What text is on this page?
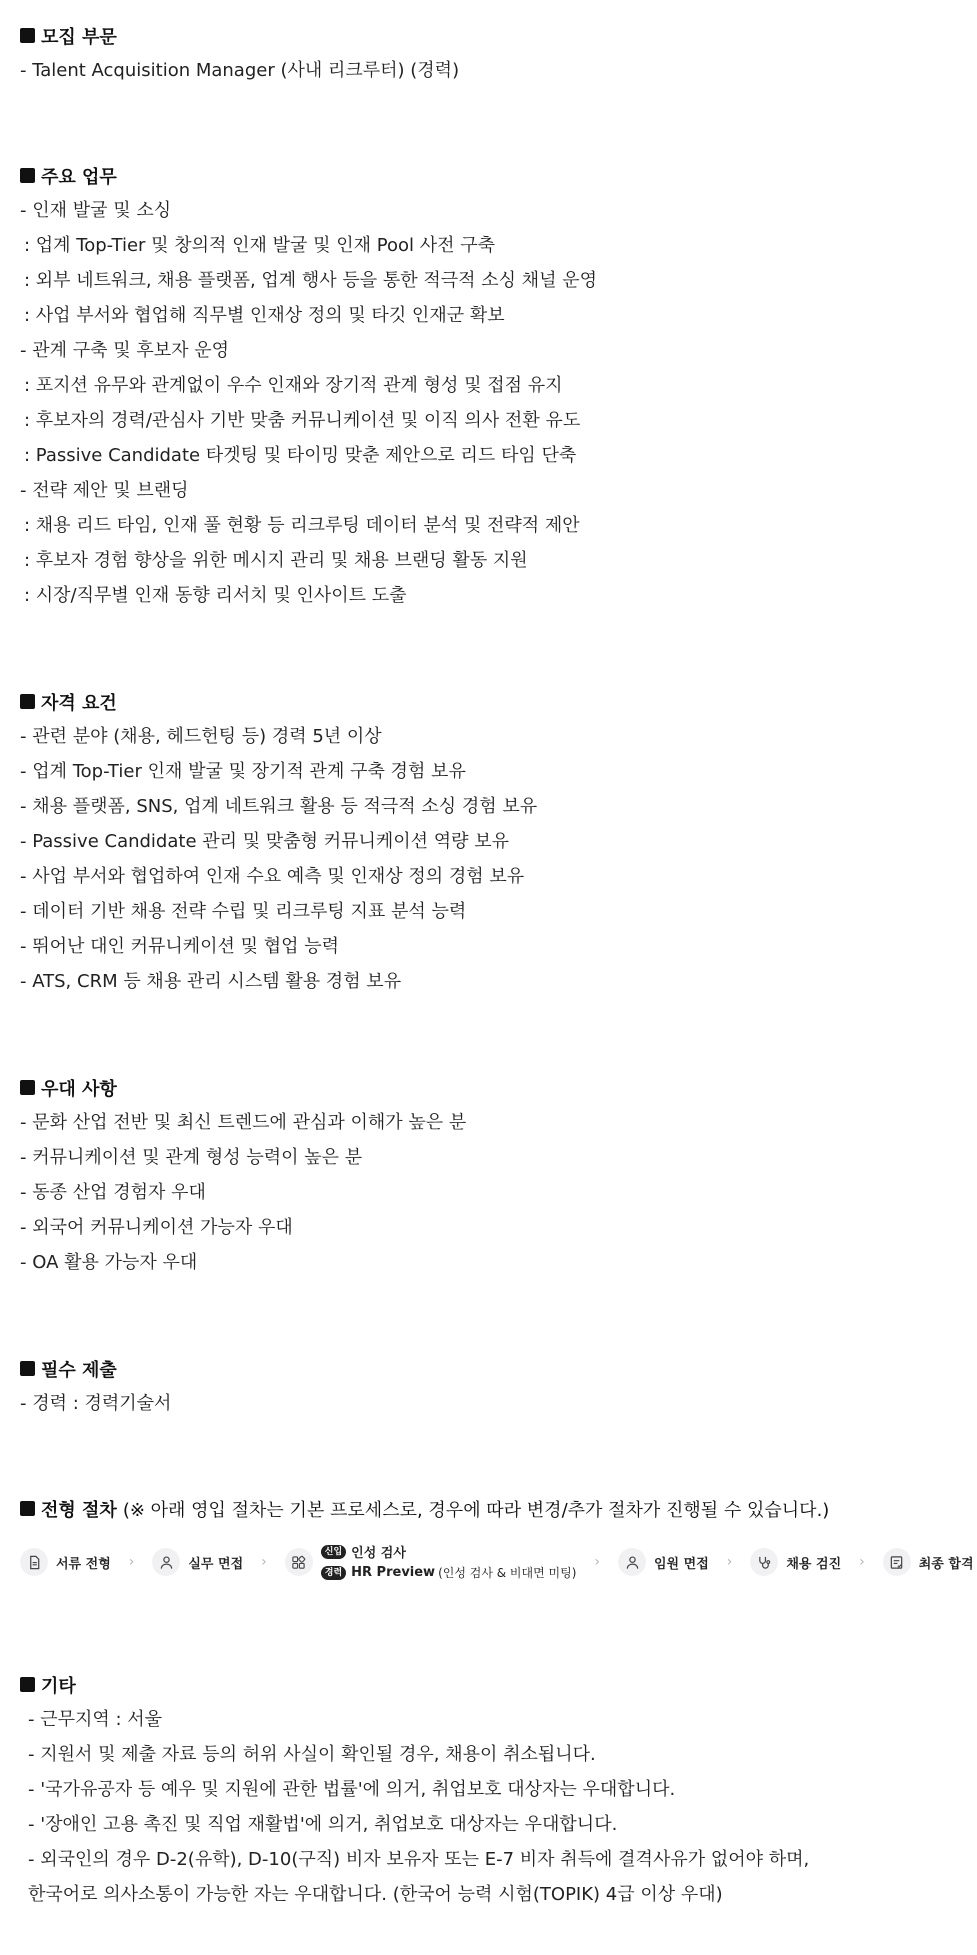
모집 부문
- Talent Acquisition Manager (사내 리크루터) (경력)
주요 업무
- 인재 발굴 및 소싱
: 업계 Top-Tier 및 창의적 인재 발굴 및 인재 Pool 사전 구축
: 외부 네트워크, 채용 플랫폼, 업계 행사 등을 통한 적극적 소싱 채널 운영
: 사업 부서와 협업해 직무별 인재상 정의 및 타깃 인재군 확보
- 관계 구축 및 후보자 운영
: 포지션 유무와 관계없이 우수 인재와 장기적 관계 형성 및 접점 유지
: 후보자의 경력/관심사 기반 맞춤 커뮤니케이션 및 이직 의사 전환 유도
: Passive Candidate 타겟팅 및 타이밍 맞춘 제안으로 리드 타임 단축
- 전략 제안 및 브랜딩
: 채용 리드 타임, 인재 풀 현황 등 리크루팅 데이터 분석 및 전략적 제안
: 후보자 경험 향상을 위한 메시지 관리 및 채용 브랜딩 활동 지원
: 시장/직무별 인재 동향 리서치 및 인사이트 도출
자격 요건
- 관련 분야 (채용, 헤드헌팅 등) 경력 5년 이상
- 업계 Top-Tier 인재 발굴 및 장기적 관계 구축 경험 보유
- 채용 플랫폼, SNS, 업계 네트워크 활용 등 적극적 소싱 경험 보유
- Passive Candidate 관리 및 맞춤형 커뮤니케이션 역량 보유
- 사업 부서와 협업하여 인재 수요 예측 및 인재상 정의 경험 보유
- 데이터 기반 채용 전략 수립 및 리크루팅 지표 분석 능력
- 뛰어난 대인 커뮤니케이션 및 협업 능력
- ATS, CRM 등 채용 관리 시스템 활용 경험 보유
우대 사항
- 문화 산업 전반 및 최신 트렌드에 관심과 이해가 높은 분
- 커뮤니케이션 및 관계 형성 능력이 높은 분
- 동종 산업 경험자 우대
- 외국어 커뮤니케이션 가능자 우대
- OA 활용 가능자 우대
필수 제출
- 경력 : 경력기술서
전형 절차 (※ 아래 영입 절차는 기본 프로세스로, 경우에 따라 변경/추가 절차가 진행될 수 있습니다.)
서류 전형 ›	실무 면접 ›
신입 인성 검사
경력 HR Preview (인성 검사 & 비대면 미팅)
›	임원 면접 ›	채용 검진 ›	최종 합격
기타
- 근무지역 : 서울
- 지원서 및 제출 자료 등의 허위 사실이 확인될 경우, 채용이 취소됩니다.
- '국가유공자 등 예우 및 지원에 관한 법률'에 의거, 취업보호 대상자는 우대합니다.
- '장애인 고용 촉진 및 직업 재활법'에 의거, 취업보호 대상자는 우대합니다.
- 외국인의 경우 D-2(유학), D-10(구직) 비자 보유자 또는 E-7 비자 취득에 결격사유가 없어야 하며,
한국어로 의사소통이 가능한 자는 우대합니다. (한국어 능력 시험(TOPIK) 4급 이상 우대)
